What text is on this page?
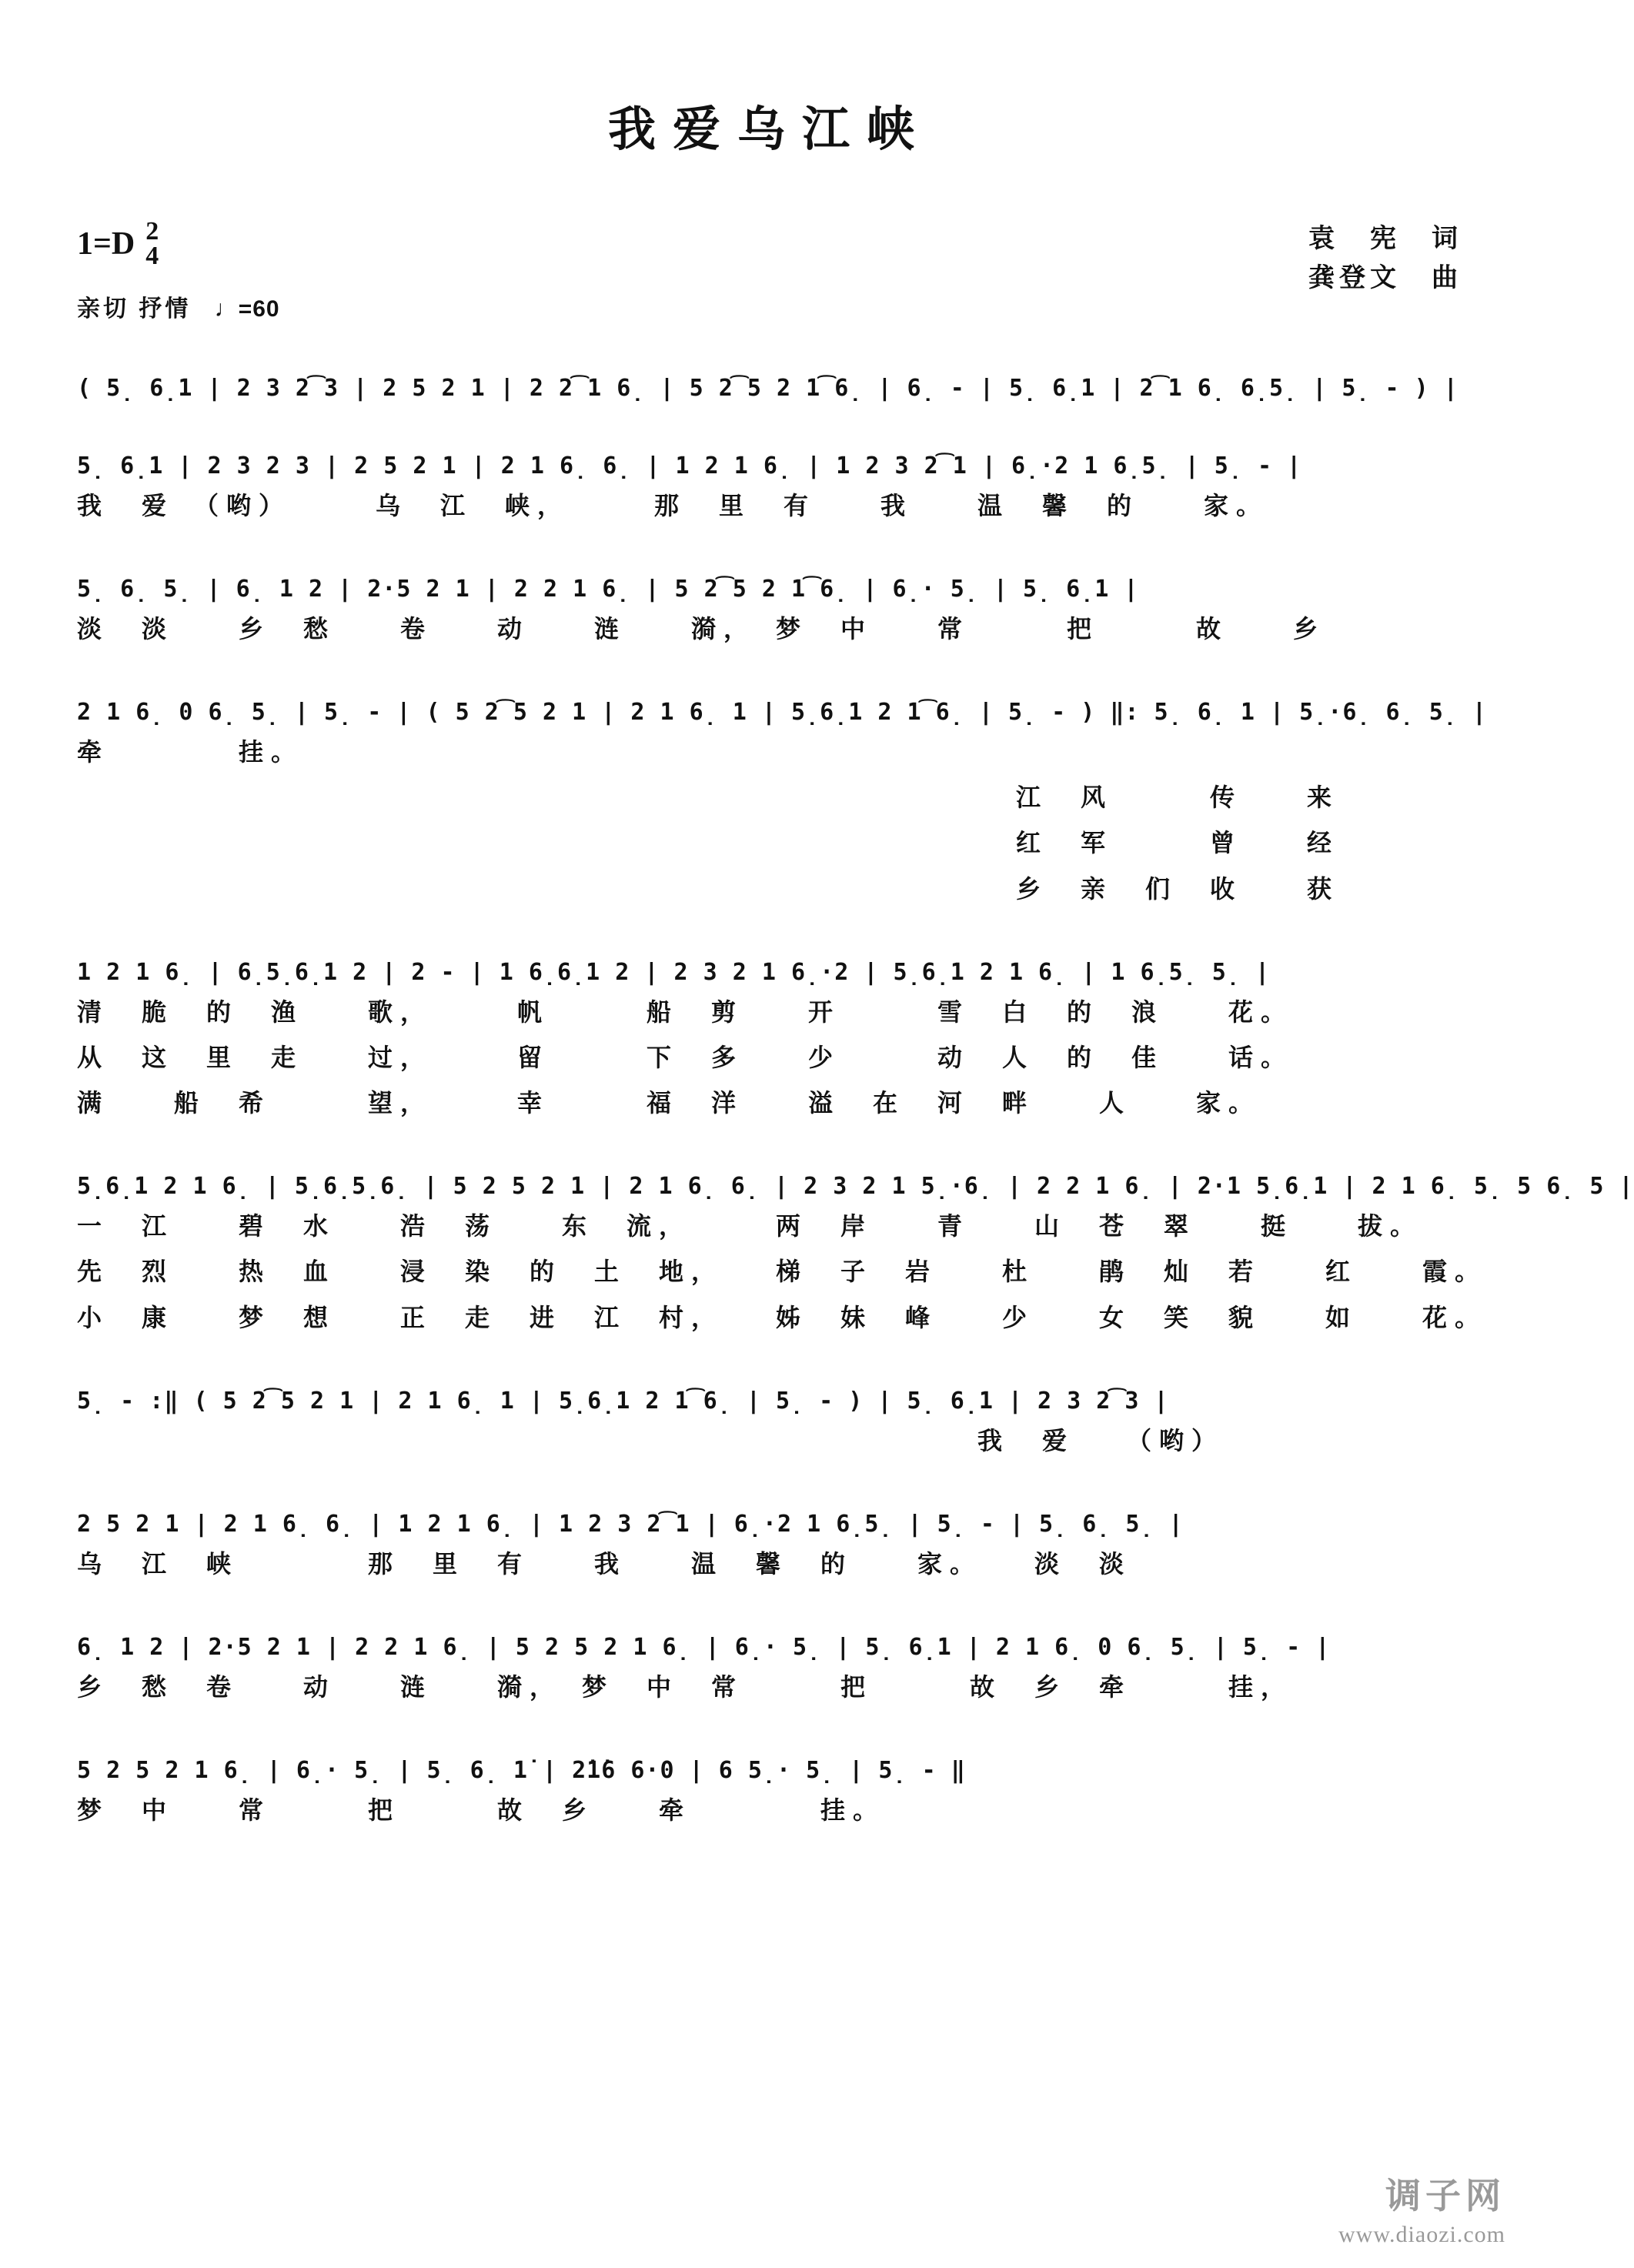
我爱乌江峡
1=D 2
4
亲切 抒情 ♩=60
袁　宪　词
龚登文　曲
( 5̣ 6̣1 | 2 3 2͡3 | 2 5 2 1 | 2 2͡1 6̣ | 5 2͡5 2 1͡6̣ | 6̣ - | 5̣ 6̣1 | 2͡1 6̣ 6̣5̣ | 5̣ - ) |
5̣ 6̣1 | 2 3 2 3 | 2 5 2 1 | 2 1 6̣ 6̣ | 1 2 1 6̣ | 1 2 3 2͡1 | 6̣·2 1 6̣5̣ | 5̣ - |
我　爱　（哟）　　　乌　江　峡，　　　那　里　有　　我　　温　馨　的　　家。
5̣ 6̣ 5̣ | 6̣ 1 2 | 2·5 2 1 | 2 2 1 6̣ | 5 2͡5 2 1͡6̣ | 6̣· 5̣ | 5̣ 6̣1 |
淡　淡　　乡　愁　　卷　　动　　涟　　漪，　梦　中　　常　　　把　　　故　　乡
2 1 6̣ 0 6̣ 5̣ | 5̣ - | ( 5 2͡5 2 1 | 2 1 6̣ 1 | 5̣6̣1 2 1͡6̣ | 5̣ - ) ‖: 5̣ 6̣ 1 | 5̣·6̣ 6̣ 5̣ |
牵　　　　挂。
江　风　　　传　　来
红　军　　　曾　　经
乡　亲　们　收　　获
1 2 1 6̣ | 6̣5̣6̣1 2 | 2 - | 1 6̣6̣1 2 | 2 3 2 1 6̣·2 | 5̣6̣1 2 1 6̣ | 1 6̣5̣ 5̣ |
清　脆　的　渔　　歌，　　　帆　　　船　剪　　开　　　雪　白　的　浪　　花。
从　这　里　走　　过，　　　留　　　下　多　　少　　　动　人　的　佳　　话。
满　　船　希　　　望，　　　幸　　　福　洋　　溢　在　河　畔　　人　　家。
5̣6̣1 2 1 6̣ | 5̣6̣5̣6̣ | 5 2 5 2 1 | 2 1 6̣ 6̣ | 2 3 2 1 5̣·6̣ | 2 2 1 6̣ | 2·1 5̣6̣1 | 2 1 6̣ 5̣ 5 6̣ 5 |
一　江　　碧　水　　浩　荡　　东　流，　　　两　岸　　青　　山　苍　翠　　挺　　拔。
先　烈　　热　血　　浸　染　的　土　地，　　梯　子　岩　　杜　　鹃　灿　若　　红　　霞。
小　康　　梦　想　　正　走　进　江　村，　　姊　妹　峰　　少　　女　笑　貌　　如　　花。
5̣ - :‖ ( 5 2͡5 2 1 | 2 1 6̣ 1 | 5̣6̣1 2 1͡6̣ | 5̣ - ) | 5̣ 6̣1 | 2 3 2͡3 |
我　爱　　（哟）
2 5 2 1 | 2 1 6̣ 6̣ | 1 2 1 6̣ | 1 2 3 2͡1 | 6̣·2 1 6̣5̣ | 5̣ - | 5̣ 6̣ 5̣ |
乌　江　峡　　　　那　里　有　　我　　温　馨　的　　家。　　淡　淡
6̣ 1 2 | 2·5 2 1 | 2 2 1 6̣ | 5 2 5 2 1 6̣ | 6̣· 5̣ | 5̣ 6̣1 | 2 1 6̣ 0 6̣ 5̣ | 5̣ - |
乡　愁　卷　　动　　涟　　漪，　梦　中　常　　　把　　　故　乡　牵　　　挂，
5 2 5 2 1 6̣ | 6̣· 5̣ | 5̣ 6̣ 1̇ | 2̇1̇6 6·0 | 6 5̣· 5̣ | 5̣ - ‖
梦　中　　常　　　把　　　故　乡　　牵　　　　挂。
调子网
www.diaozi.com
